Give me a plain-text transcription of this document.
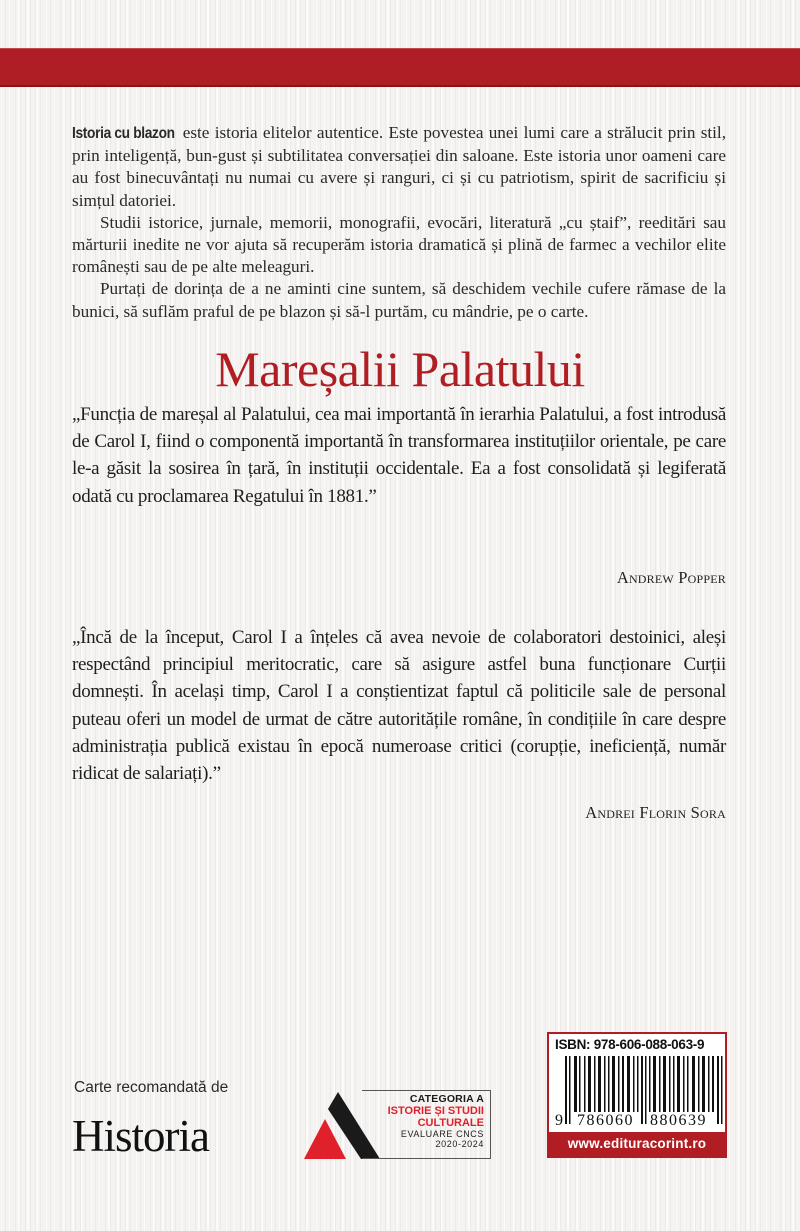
Istoria cu blazon este istoria elitelor autentice. Este povestea unei lumi care a strălucit prin stil, prin inteligență, bun-gust și subtilitatea conversației din saloane. Este istoria unor oameni care au fost binecuvântați nu numai cu avere și ranguri, ci și cu patriotism, spirit de sacrificiu și simțul datoriei.

Studii istorice, jurnale, memorii, monografii, evocări, literatură „cu ștaif”, reeditări sau mărturii inedite ne vor ajuta să recuperăm istoria dramatică și plină de farmec a vechilor elite românești sau de pe alte meleaguri.

Purtați de dorința de a ne aminti cine suntem, să deschidem vechile cufere rămase de la bunici, să suflăm praful de pe blazon și să-l purtăm, cu mândrie, pe o carte.

Mareșalii Palatului
„Funcția de mareșal al Palatului, cea mai importantă în ierarhia Palatului, a fost introdusă de Carol I, fiind o componentă importantă în transformarea instituțiilor orientale, pe care le-a găsit la sosirea în țară, în instituții occidentale. Ea a fost consolidată și legiferată odată cu proclamarea Regatului în 1881.”
Andrew Popper
„Încă de la început, Carol I a înțeles că avea nevoie de colaboratori destoinici, aleși respectând principiul meritocratic, care să asigure astfel buna funcționare Curții domnești. În același timp, Carol I a conștientizat faptul că politicile sale de personal puteau oferi un model de urmat de către autoritățile române, în condițiile în care despre administrația publică existau în epocă numeroase critici (corupție, ineficiență, număr ridicat de salariați).”
Andrei Florin Sora
Carte recomandată de
Historia
CATEGORIA A
ISTORIE ȘI STUDII
CULTURALE
EVALUARE CNCS
2020-2024
ISBN: 978-606-088-063-9
9 786060 880639
www.edituracorint.ro
